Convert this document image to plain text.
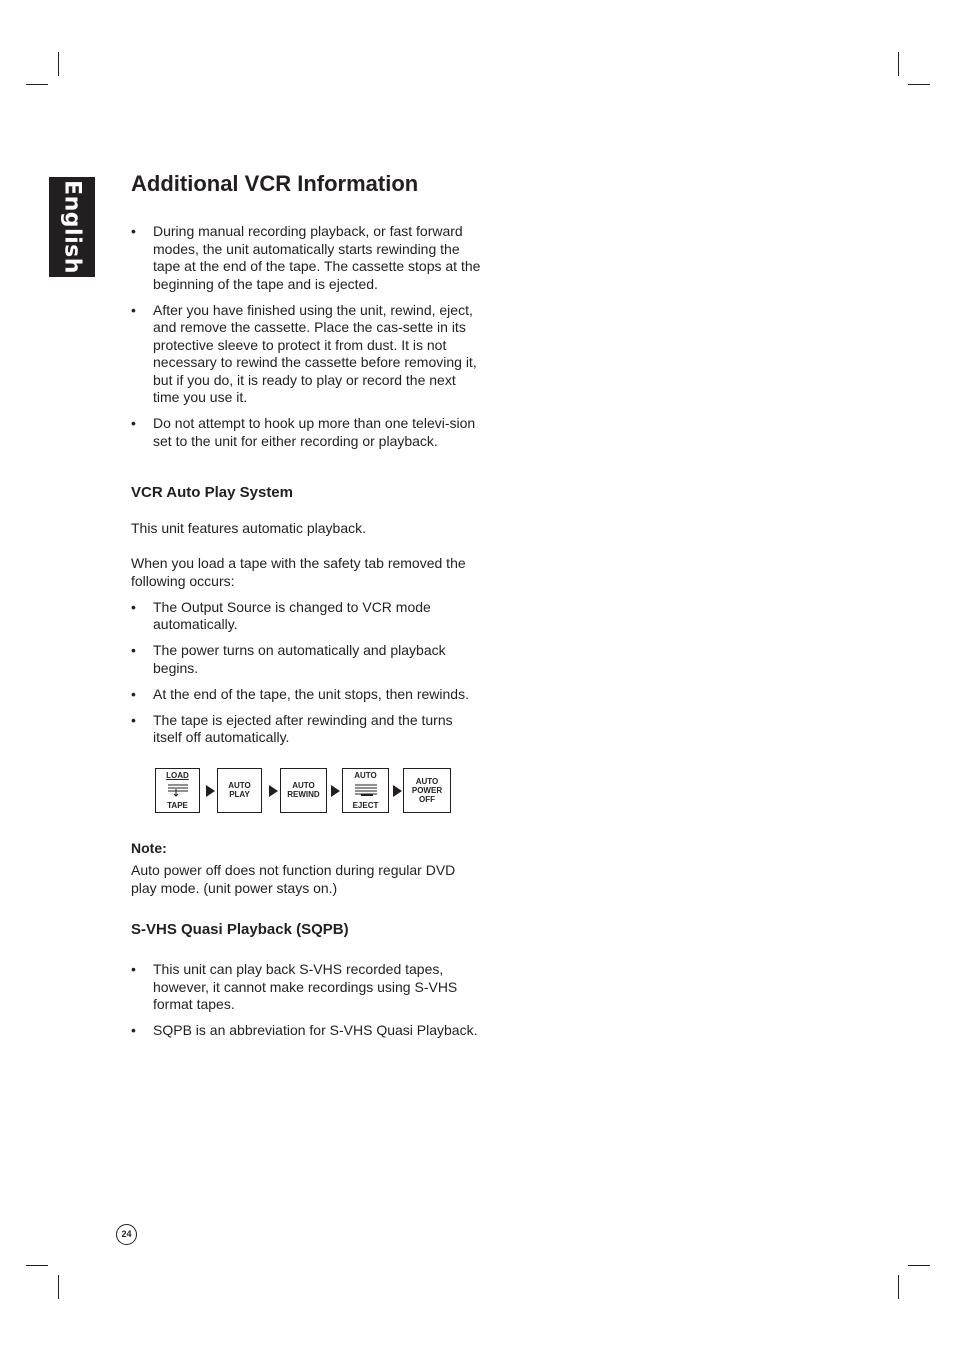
English Additional VCR Information
• During manual recording playback, or fast forward modes, the unit automatically starts rewinding the tape at the end of the tape. The cassette stops at the beginning of the tape and is ejected.
• After you have finished using the unit, rewind, eject, and remove the cassette. Place the cas-sette in its protective sleeve to protect it from dust. It is not necessary to rewind the cassette before removing it, but if you do, it is ready to play or record the next time you use it.
• Do not attempt to hook up more than one televi-sion set to the unit for either recording or playback.
VCR Auto Play System

This unit features automatic playback.

When you load a tape with the safety tab removed the following occurs:

• The Output Source is changed to VCR mode automatically.
• The power turns on automatically and playback begins.
• At the end of the tape, the unit stops, then rewinds.
• The tape is ejected after rewinding and the turns itself off automatically.
LOAD
TAPE
AUTO
PLAY
AUTO
REWIND
AUTO
EJECT
AUTO
POWER
OFF

Note:

Auto power off does not function during regular DVD play mode. (unit power stays on.)

S-VHS Quasi Playback (SQPB)
• This unit can play back S-VHS recorded tapes, however, it cannot make recordings using S-VHS format tapes.
• SQPB is an abbreviation for S-VHS Quasi Playback.
24
